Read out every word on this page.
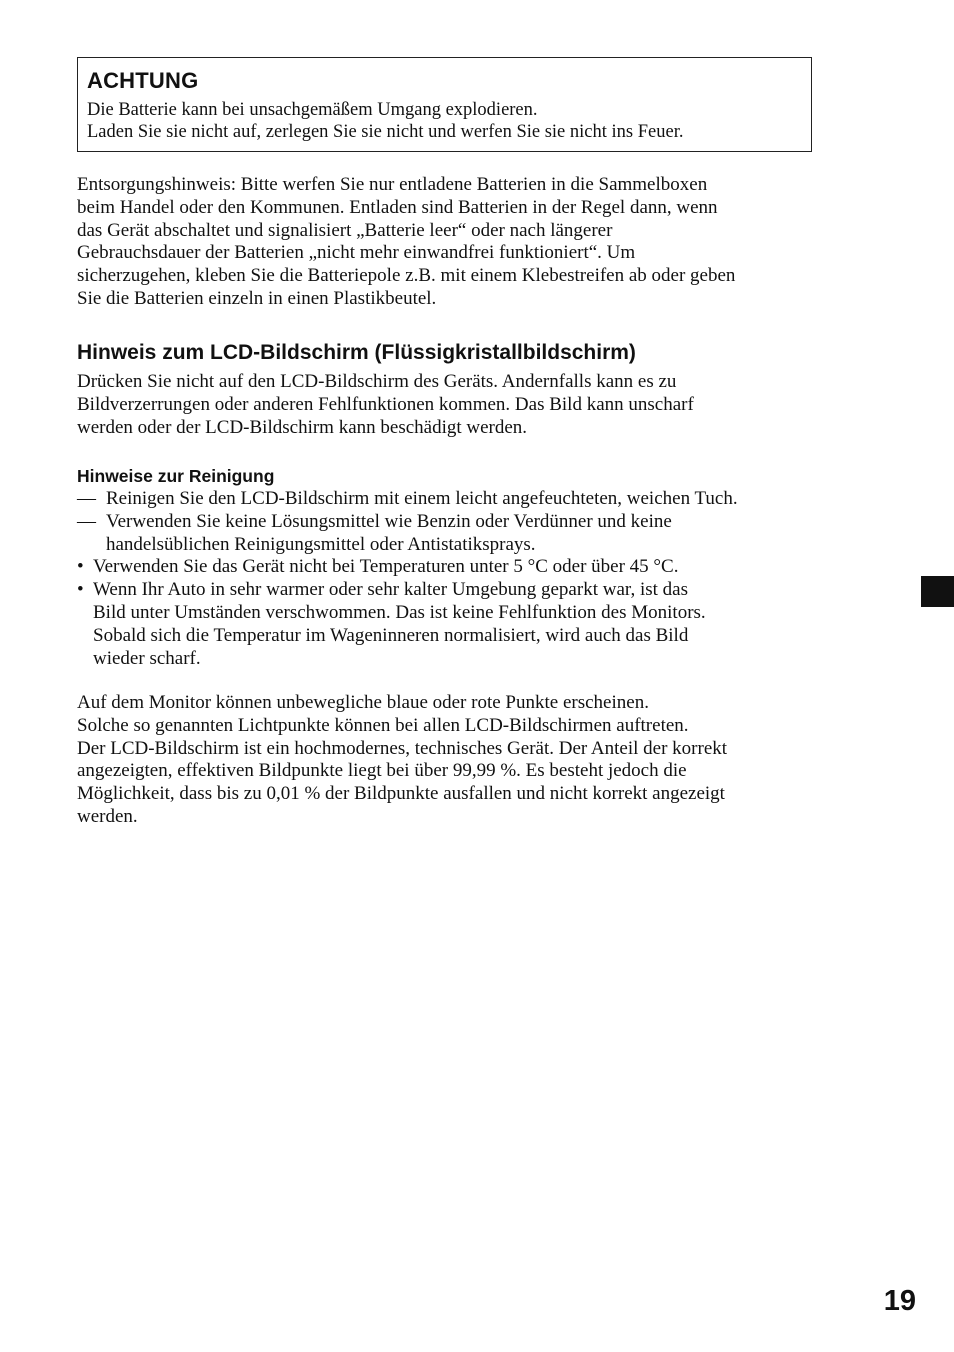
ACHTUNG
Die Batterie kann bei unsachgemäßem Umgang explodieren.
Laden Sie sie nicht auf, zerlegen Sie sie nicht und werfen Sie sie nicht ins Feuer.

Entsorgungshinweis: Bitte werfen Sie nur entladene Batterien in die Sammelboxen
beim Handel oder den Kommunen. Entladen sind Batterien in der Regel dann, wenn
das Gerät abschaltet und signalisiert „Batterie leer“ oder nach längerer
Gebrauchsdauer der Batterien „nicht mehr einwandfrei funktioniert“. Um
sicherzugehen, kleben Sie die Batteriepole z.B. mit einem Klebestreifen ab oder geben
Sie die Batterien einzeln in einen Plastikbeutel.

Hinweis zum LCD-Bildschirm (Flüssigkristallbildschirm)

Drücken Sie nicht auf den LCD-Bildschirm des Geräts. Andernfalls kann es zu
Bildverzerrungen oder anderen Fehlfunktionen kommen. Das Bild kann unscharf
werden oder der LCD-Bildschirm kann beschädigt werden.

Hinweise zur Reinigung
— Reinigen Sie den LCD-Bildschirm mit einem leicht angefeuchteten, weichen Tuch.
— Verwenden Sie keine Lösungsmittel wie Benzin oder Verdünner und keine
handelsüblichen Reinigungsmittel oder Antistatiksprays.
• Verwenden Sie das Gerät nicht bei Temperaturen unter 5 °C oder über 45 °C.
• Wenn Ihr Auto in sehr warmer oder sehr kalter Umgebung geparkt war, ist das
Bild unter Umständen verschwommen. Das ist keine Fehlfunktion des Monitors.
Sobald sich die Temperatur im Wageninneren normalisiert, wird auch das Bild
wieder scharf.

Auf dem Monitor können unbewegliche blaue oder rote Punkte erscheinen.
Solche so genannten Lichtpunkte können bei allen LCD-Bildschirmen auftreten.
Der LCD-Bildschirm ist ein hochmodernes, technisches Gerät. Der Anteil der korrekt
angezeigten, effektiven Bildpunkte liegt bei über 99,99 %. Es besteht jedoch die
Möglichkeit, dass bis zu 0,01 % der Bildpunkte ausfallen und nicht korrekt angezeigt
werden.

19
